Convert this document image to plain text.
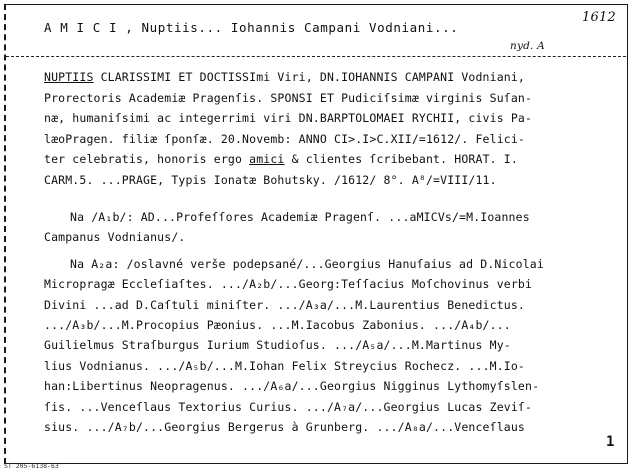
A M I C I , Nuptiis... Iohannis Campani Vodniani...
1612
nyd. A
NUPTIIS CLARISSIMI ET DOCTISSImi Viri, DN.IOHANNIS CAMPANI Vodniani,
Prorectoris Academiæ Pragenſis. SPONSI ET Pudiciſsimæ virginis Suſan-
næ, humaniſsimi ac integerrimi viri DN.BARPTOLOMAEI RYCHII, civis Pa-
læoPragen. filiæ ſponſæ. 20.Novemb: ANNO CI>.I>C.XII/=1612/. Felici-
ter celebratis, honoris ergo amici & clientes ſcribebant. HORAT. I.
CARM.5. ...PRAGE, Typis Ionatæ Bohutsky. /1612/ 8°. A⁸/=VIII/11.
Na /A₁b/: AD...Profeſſores Academiæ Pragenſ. ...aMICVs/=M.Ioannes
Campanus Vodnianus/.
Na A₂a: /oslavné verše podepsané/...Georgius Hanuſaius ad D.Nicolai
Micropragæ Eccleſiaſtes. .../A₂b/...Georg:Teſſacius Moſchovinus verbi
Divini ...ad D.Caſtuli miniſter. .../A₃a/...M.Laurentius Benedictus.
.../A₃b/...M.Procopius Pæonius. ...M.Iacobus Zabonius. .../A₄b/...
Guilielmus Straſburgus Iurium Studioſus. .../A₅a/...M.Martinus My-
lius Vodnianus. .../A₅b/...M.Iohan Felix Streycius Rochecz. ...M.Io-
han:Libertinus Neopragenus. .../A₆a/...Georgius Nigginus Lythomyſslen-
ſis. ...Venceſlaus Textorius Curius. .../A₇a/...Georgius Lucas Zeviſ-
sius. .../A₇b/...Georgius Bergerus à Grunberg. .../A₈a/...Venceſlaus
1
ST 205-6138-63
